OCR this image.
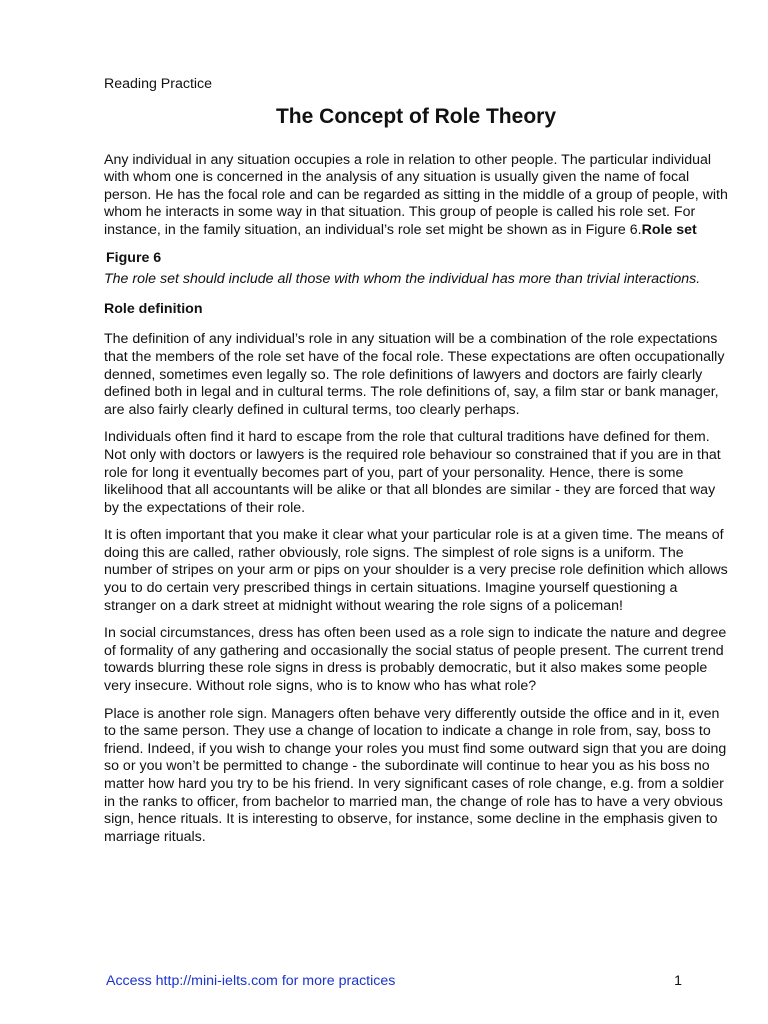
Reading Practice
The Concept of Role Theory

Any individual in any situation occupies a role in relation to other people. The particular individual with whom one is concerned in the analysis of any situation is usually given the name of focal person. He has the focal role and can be regarded as sitting in the middle of a group of people, with whom he interacts in some way in that situation. This group of people is called his role set. For instance, in the family situation, an individual’s role set might be shown as in Figure 6.Role set

Figure 6

The role set should include all those with whom the individual has more than trivial interactions.

Role definition

The definition of any individual’s role in any situation will be a combination of the role expectations that the members of the role set have of the focal role. These expectations are often occupationally denned, sometimes even legally so. The role definitions of lawyers and doctors are fairly clearly defined both in legal and in cultural terms. The role definitions of, say, a film star or bank manager, are also fairly clearly defined in cultural terms, too clearly perhaps.

Individuals often find it hard to escape from the role that cultural traditions have defined for them. Not only with doctors or lawyers is the required role behaviour so constrained that if you are in that role for long it eventually becomes part of you, part of your personality. Hence, there is some likelihood that all accountants will be alike or that all blondes are similar - they are forced that way by the expectations of their role.

It is often important that you make it clear what your particular role is at a given time. The means of doing this are called, rather obviously, role signs. The simplest of role signs is a uniform. The number of stripes on your arm or pips on your shoulder is a very precise role definition which allows you to do certain very prescribed things in certain situations. Imagine yourself questioning a stranger on a dark street at midnight without wearing the role signs of a policeman!

In social circumstances, dress has often been used as a role sign to indicate the nature and degree of formality of any gathering and occasionally the social status of people present. The current trend towards blurring these role signs in dress is probably democratic, but it also makes some people very insecure. Without role signs, who is to know who has what role?

Place is another role sign. Managers often behave very differently outside the office and in it, even to the same person. They use a change of location to indicate a change in role from, say, boss to friend. Indeed, if you wish to change your roles you must find some outward sign that you are doing so or you won’t be permitted to change - the subordinate will continue to hear you as his boss no matter how hard you try to be his friend. In very significant cases of role change, e.g. from a soldier in the ranks to officer, from bachelor to married man, the change of role has to have a very obvious sign, hence rituals. It is interesting to observe, for instance, some decline in the emphasis given to marriage rituals.

Access http://mini-ielts.com for more practices	1
